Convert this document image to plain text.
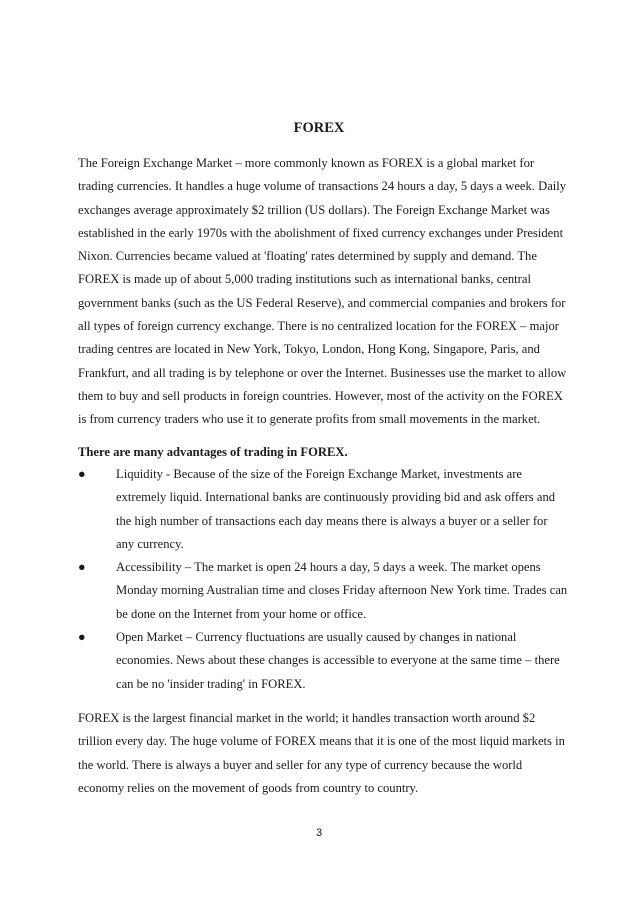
FOREX

The Foreign Exchange Market – more commonly known as FOREX is a global market for trading currencies. It handles a huge volume of transactions 24 hours a day, 5 days a week. Daily exchanges average approximately $2 trillion (US dollars). The Foreign Exchange Market was established in the early 1970s with the abolishment of fixed currency exchanges under President Nixon. Currencies became valued at 'floating' rates determined by supply and demand. The FOREX is made up of about 5,000 trading institutions such as international banks, central government banks (such as the US Federal Reserve), and commercial companies and brokers for all types of foreign currency exchange. There is no centralized location for the FOREX – major trading centres are located in New York, Tokyo, London, Hong Kong, Singapore, Paris, and Frankfurt, and all trading is by telephone or over the Internet. Businesses use the market to allow them to buy and sell products in foreign countries. However, most of the activity on the FOREX is from currency traders who use it to generate profits from small movements in the market.

There are many advantages of trading in FOREX.

●	Liquidity - Because of the size of the Foreign Exchange Market, investments are extremely liquid. International banks are continuously providing bid and ask offers and the high number of transactions each day means there is always a buyer or a seller for any currency.

●	Accessibility – The market is open 24 hours a day, 5 days a week. The market opens Monday morning Australian time and closes Friday afternoon New York time. Trades can be done on the Internet from your home or office.

●	Open Market – Currency fluctuations are usually caused by changes in national economies. News about these changes is accessible to everyone at the same time – there can be no 'insider trading' in FOREX.

FOREX is the largest financial market in the world; it handles transaction worth around $2 trillion every day. The huge volume of FOREX means that it is one of the most liquid markets in the world. There is always a buyer and seller for any type of currency because the world economy relies on the movement of goods from country to country.

3
